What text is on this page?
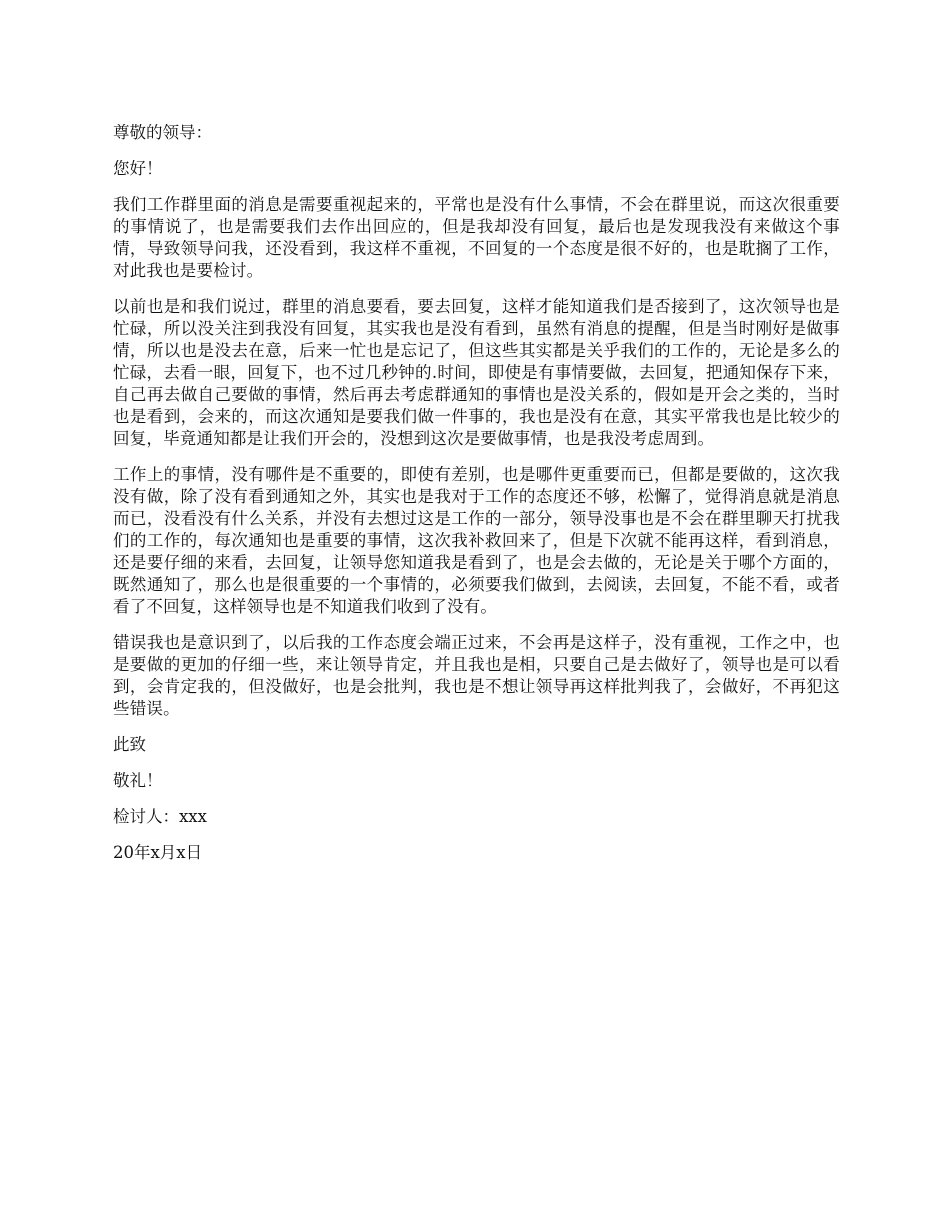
尊敬的领导：

您好！

我们工作群里面的消息是需要重视起来的，平常也是没有什么事情，不会在群里说，而这次很重要的事情说了，也是需要我们去作出回应的，但是我却没有回复，最后也是发现我没有来做这个事情，导致领导问我，还没看到，我这样不重视，不回复的一个态度是很不好的，也是耽搁了工作，对此我也是要检讨。

以前也是和我们说过，群里的消息要看，要去回复，这样才能知道我们是否接到了，这次领导也是忙碌，所以没关注到我没有回复，其实我也是没有看到，虽然有消息的提醒，但是当时刚好是做事情，所以也是没去在意，后来一忙也是忘记了，但这些其实都是关乎我们的工作的，无论是多么的忙碌，去看一眼，回复下，也不过几秒钟的.时间，即使是有事情要做，去回复，把通知保存下来，自己再去做自己要做的事情，然后再去考虑群通知的事情也是没关系的，假如是开会之类的，当时也是看到，会来的，而这次通知是要我们做一件事的，我也是没有在意，其实平常我也是比较少的回复，毕竟通知都是让我们开会的，没想到这次是要做事情，也是我没考虑周到。

工作上的事情，没有哪件是不重要的，即使有差别，也是哪件更重要而已，但都是要做的，这次我没有做，除了没有看到通知之外，其实也是我对于工作的态度还不够，松懈了，觉得消息就是消息而已，没看没有什么关系，并没有去想过这是工作的一部分，领导没事也是不会在群里聊天打扰我们的工作的，每次通知也是重要的事情，这次我补救回来了，但是下次就不能再这样，看到消息，还是要仔细的来看，去回复，让领导您知道我是看到了，也是会去做的，无论是关于哪个方面的，既然通知了，那么也是很重要的一个事情的，必须要我们做到，去阅读，去回复，不能不看，或者看了不回复，这样领导也是不知道我们收到了没有。

错误我也是意识到了，以后我的工作态度会端正过来，不会再是这样子，没有重视，工作之中，也是要做的更加的仔细一些，来让领导肯定，并且我也是相，只要自己是去做好了，领导也是可以看到，会肯定我的，但没做好，也是会批判，我也是不想让领导再这样批判我了，会做好，不再犯这些错误。

此致

敬礼！

检讨人：xxx

20年x月x日
